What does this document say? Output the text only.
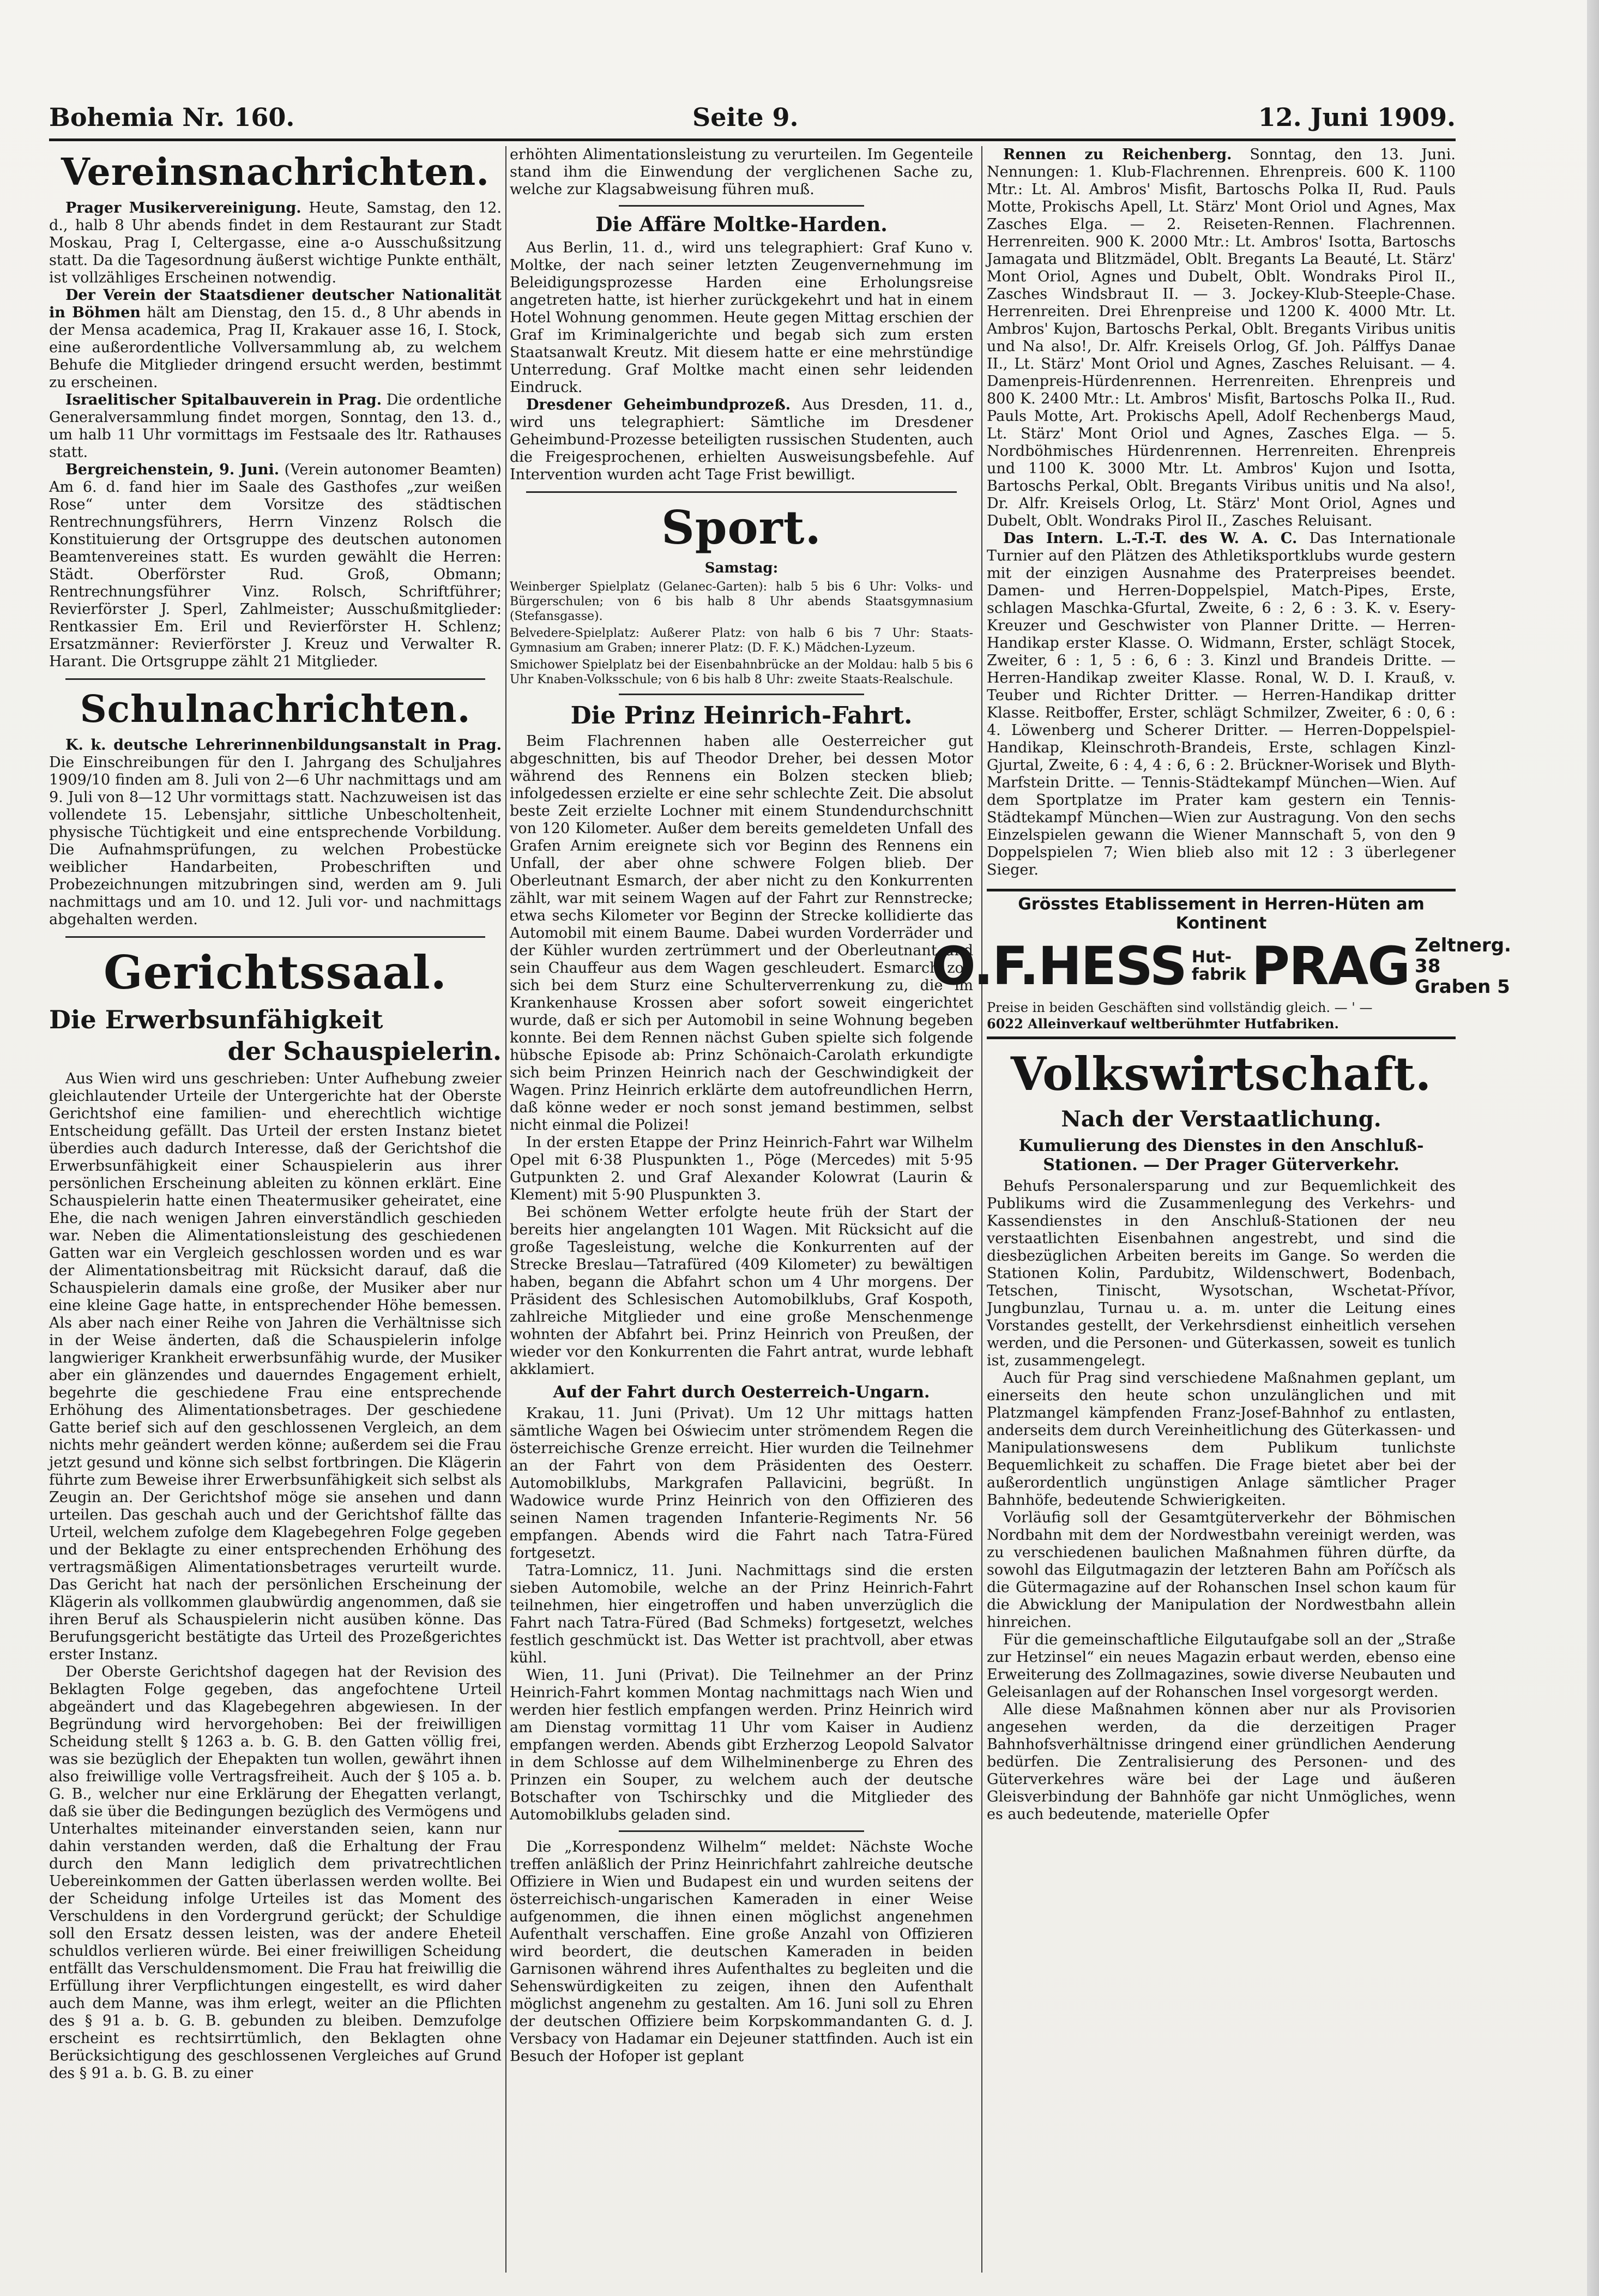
Bohemia Nr. 160.	Seite 9.	12. Juni 1909.
Vereinsnachrichten.

Prager Musikervereinigung. Heute, Samstag, den 12. d., halb 8 Uhr abends findet in dem Restaurant zur Stadt Moskau, Prag I, Celtergasse, eine a-o Ausschußsitzung statt. Da die Tagesordnung äußerst wichtige Punkte enthält, ist vollzähliges Erscheinen notwendig.

Der Verein der Staatsdiener deutscher Nationalität in Böhmen hält am Dienstag, den 15. d., 8 Uhr abends in der Mensa academica, Prag II, Krakauer asse 16, I. Stock, eine außerordentliche Vollversammlung ab, zu welchem Behufe die Mitglieder dringend ersucht werden, bestimmt zu erscheinen.

Israelitischer Spitalbauverein in Prag. Die ordentliche Generalversammlung findet morgen, Sonntag, den 13. d., um halb 11 Uhr vormittags im Festsaale des ltr. Rathauses statt.

Bergreichenstein, 9. Juni. (Verein autonomer Beamten) Am 6. d. fand hier im Saale des Gasthofes „zur weißen Rose“ unter dem Vorsitze des städtischen Rentrechnungsführers, Herrn Vinzenz Rolsch die Konstituierung der Ortsgruppe des deutschen autonomen Beamtenvereines statt. Es wurden gewählt die Herren: Städt. Oberförster Rud. Groß, Obmann; Rentrechnungsführer Vinz. Rolsch, Schriftführer; Revierförster J. Sperl, Zahlmeister; Ausschußmitglieder: Rentkassier Em. Eril und Revierförster H. Schlenz; Ersatzmänner: Revierförster J. Kreuz und Verwalter R. Harant. Die Ortsgruppe zählt 21 Mitglieder.

Schulnachrichten.

K. k. deutsche Lehrerinnenbildungsanstalt in Prag. Die Einschreibungen für den I. Jahrgang des Schuljahres 1909/10 finden am 8. Juli von 2—6 Uhr nachmittags und am 9. Juli von 8—12 Uhr vormittags statt. Nachzuweisen ist das vollendete 15. Lebensjahr, sittliche Unbescholtenheit, physische Tüchtigkeit und eine entsprechende Vorbildung. Die Aufnahmsprüfungen, zu welchen Probestücke weiblicher Handarbeiten, Probeschriften und Probezeichnungen mitzubringen sind, werden am 9. Juli nachmittags und am 10. und 12. Juli vor- und nachmittags abgehalten werden.

Gerichtssaal.
Die Erwerbsunfähigkeit
der Schauspielerin.

Aus Wien wird uns geschrieben: Unter Aufhebung zweier gleichlautender Urteile der Untergerichte hat der Oberste Gerichtshof eine familien- und eherechtlich wichtige Entscheidung gefällt. Das Urteil der ersten Instanz bietet überdies auch dadurch Interesse, daß der Gerichtshof die Erwerbsunfähigkeit einer Schauspielerin aus ihrer persönlichen Erscheinung ableiten zu können erklärt. Eine Schauspielerin hatte einen Theatermusiker geheiratet, eine Ehe, die nach wenigen Jahren einverständlich geschieden war. Neben die Alimentationsleistung des geschiedenen Gatten war ein Vergleich geschlossen worden und es war der Alimentationsbeitrag mit Rücksicht darauf, daß die Schauspielerin damals eine große, der Musiker aber nur eine kleine Gage hatte, in entsprechender Höhe bemessen. Als aber nach einer Reihe von Jahren die Verhältnisse sich in der Weise änderten, daß die Schauspielerin infolge langwieriger Krankheit erwerbsunfähig wurde, der Musiker aber ein glänzendes und dauerndes Engagement erhielt, begehrte die geschiedene Frau eine entsprechende Erhöhung des Alimentationsbetrages. Der geschiedene Gatte berief sich auf den geschlossenen Vergleich, an dem nichts mehr geändert werden könne; außerdem sei die Frau jetzt gesund und könne sich selbst fortbringen. Die Klägerin führte zum Beweise ihrer Erwerbsunfähigkeit sich selbst als Zeugin an. Der Gerichtshof möge sie ansehen und dann urteilen. Das geschah auch und der Gerichtshof fällte das Urteil, welchem zufolge dem Klagebegehren Folge gegeben und der Beklagte zu einer entsprechenden Erhöhung des vertragsmäßigen Alimentationsbetrages verurteilt wurde. Das Gericht hat nach der persönlichen Erscheinung der Klägerin als vollkommen glaubwürdig angenommen, daß sie ihren Beruf als Schauspielerin nicht ausüben könne. Das Berufungsgericht bestätigte das Urteil des Prozeßgerichtes erster Instanz.

Der Oberste Gerichtshof dagegen hat der Revision des Beklagten Folge gegeben, das angefochtene Urteil abgeändert und das Klagebegehren abgewiesen. In der Begründung wird hervorgehoben: Bei der freiwilligen Scheidung stellt § 1263 a. b. G. B. den Gatten völlig frei, was sie bezüglich der Ehepakten tun wollen, gewährt ihnen also freiwillige volle Vertragsfreiheit. Auch der § 105 a. b. G. B., welcher nur eine Erklärung der Ehegatten verlangt, daß sie über die Bedingungen bezüglich des Vermögens und Unterhaltes miteinander einverstanden seien, kann nur dahin verstanden werden, daß die Erhaltung der Frau durch den Mann lediglich dem privatrechtlichen Uebereinkommen der Gatten überlassen werden wollte. Bei der Scheidung infolge Urteiles ist das Moment des Verschuldens in den Vordergrund gerückt; der Schuldige soll den Ersatz dessen leisten, was der andere Eheteil schuldlos verlieren würde. Bei einer freiwilligen Scheidung entfällt das Verschuldensmoment. Die Frau hat freiwillig die Erfüllung ihrer Verpflichtungen eingestellt, es wird daher auch dem Manne, was ihm erlegt, weiter an die Pflichten des § 91 a. b. G. B. gebunden zu bleiben. Demzufolge erscheint es rechtsirrtümlich, den Beklagten ohne Berücksichtigung des geschlossenen Vergleiches auf Grund des § 91 a. b. G. B. zu einer

erhöhten Alimentationsleistung zu verurteilen. Im Gegenteile stand ihm die Einwendung der verglichenen Sache zu, welche zur Klagsabweisung führen muß.

Die Affäre Moltke-Harden.

Aus Berlin, 11. d., wird uns telegraphiert: Graf Kuno v. Moltke, der nach seiner letzten Zeugenvernehmung im Beleidigungsprozesse Harden eine Erholungsreise angetreten hatte, ist hierher zurückgekehrt und hat in einem Hotel Wohnung genommen. Heute gegen Mittag erschien der Graf im Kriminalgerichte und begab sich zum ersten Staatsanwalt Kreutz. Mit diesem hatte er eine mehrstündige Unterredung. Graf Moltke macht einen sehr leidenden Eindruck.

Dresdener Geheimbundprozeß. Aus Dresden, 11. d., wird uns telegraphiert: Sämtliche im Dresdener Geheimbund-Prozesse beteiligten russischen Studenten, auch die Freigesprochenen, erhielten Ausweisungsbefehle. Auf Intervention wurden acht Tage Frist bewilligt.

Sport.
Samstag:

Weinberger Spielplatz (Gelanec-Garten): halb 5 bis 6 Uhr: Volks- und Bürgerschulen; von 6 bis halb 8 Uhr abends Staatsgymnasium (Stefansgasse).

Belvedere-Spielplatz: Außerer Platz: von halb 6 bis 7 Uhr: Staats-Gymnasium am Graben; innerer Platz: (D. F. K.) Mädchen-Lyzeum.

Smichower Spielplatz bei der Eisenbahnbrücke an der Moldau: halb 5 bis 6 Uhr Knaben-Volksschule; von 6 bis halb 8 Uhr: zweite Staats-Realschule.

Die Prinz Heinrich-Fahrt.

Beim Flachrennen haben alle Oesterreicher gut abgeschnitten, bis auf Theodor Dreher, bei dessen Motor während des Rennens ein Bolzen stecken blieb; infolgedessen erzielte er eine sehr schlechte Zeit. Die absolut beste Zeit erzielte Lochner mit einem Stundendurchschnitt von 120 Kilometer. Außer dem bereits gemeldeten Unfall des Grafen Arnim ereignete sich vor Beginn des Rennens ein Unfall, der aber ohne schwere Folgen blieb. Der Oberleutnant Esmarch, der aber nicht zu den Konkurrenten zählt, war mit seinem Wagen auf der Fahrt zur Rennstrecke; etwa sechs Kilometer vor Beginn der Strecke kollidierte das Automobil mit einem Baume. Dabei wurden Vorderräder und der Kühler wurden zertrümmert und der Oberleutnant und sein Chauffeur aus dem Wagen geschleudert. Esmarch zog sich bei dem Sturz eine Schulterverrenkung zu, die im Krankenhause Krossen aber sofort soweit eingerichtet wurde, daß er sich per Automobil in seine Wohnung begeben konnte. Bei dem Rennen nächst Guben spielte sich folgende hübsche Episode ab: Prinz Schönaich-Carolath erkundigte sich beim Prinzen Heinrich nach der Geschwindigkeit der Wagen. Prinz Heinrich erklärte dem autofreundlichen Herrn, daß könne weder er noch sonst jemand bestimmen, selbst nicht einmal die Polizei!

In der ersten Etappe der Prinz Heinrich-Fahrt war Wilhelm Opel mit 6·38 Pluspunkten 1., Pöge (Mercedes) mit 5·95 Gutpunkten 2. und Graf Alexander Kolowrat (Laurin & Klement) mit 5·90 Pluspunkten 3.

Bei schönem Wetter erfolgte heute früh der Start der bereits hier angelangten 101 Wagen. Mit Rücksicht auf die große Tagesleistung, welche die Konkurrenten auf der Strecke Breslau—Tatrafüred (409 Kilometer) zu bewältigen haben, begann die Abfahrt schon um 4 Uhr morgens. Der Präsident des Schlesischen Automobilklubs, Graf Kospoth, zahlreiche Mitglieder und eine große Menschenmenge wohnten der Abfahrt bei. Prinz Heinrich von Preußen, der wieder vor den Konkurrenten die Fahrt antrat, wurde lebhaft akklamiert.

Auf der Fahrt durch Oesterreich-Ungarn.

Krakau, 11. Juni (Privat). Um 12 Uhr mittags hatten sämtliche Wagen bei Oświecim unter strömendem Regen die österreichische Grenze erreicht. Hier wurden die Teilnehmer an der Fahrt von dem Präsidenten des Oesterr. Automobilklubs, Markgrafen Pallavicini, begrüßt. In Wadowice wurde Prinz Heinrich von den Offizieren des seinen Namen tragenden Infanterie-Regiments Nr. 56 empfangen. Abends wird die Fahrt nach Tatra-Füred fortgesetzt.

Tatra-Lomnicz, 11. Juni. Nachmittags sind die ersten sieben Automobile, welche an der Prinz Heinrich-Fahrt teilnehmen, hier eingetroffen und haben unverzüglich die Fahrt nach Tatra-Füred (Bad Schmeks) fortgesetzt, welches festlich geschmückt ist. Das Wetter ist prachtvoll, aber etwas kühl.

Wien, 11. Juni (Privat). Die Teilnehmer an der Prinz Heinrich-Fahrt kommen Montag nachmittags nach Wien und werden hier festlich empfangen werden. Prinz Heinrich wird am Dienstag vormittag 11 Uhr vom Kaiser in Audienz empfangen werden. Abends gibt Erzherzog Leopold Salvator in dem Schlosse auf dem Wilhelminenberge zu Ehren des Prinzen ein Souper, zu welchem auch der deutsche Botschafter von Tschirschky und die Mitglieder des Automobilklubs geladen sind.

Die „Korrespondenz Wilhelm“ meldet: Nächste Woche treffen anläßlich der Prinz Heinrichfahrt zahlreiche deutsche Offiziere in Wien und Budapest ein und wurden seitens der österreichisch-ungarischen Kameraden in einer Weise aufgenommen, die ihnen einen möglichst angenehmen Aufenthalt verschaffen. Eine große Anzahl von Offizieren wird beordert, die deutschen Kameraden in beiden Garnisonen während ihres Aufenthaltes zu begleiten und die Sehenswürdigkeiten zu zeigen, ihnen den Aufenthalt möglichst angenehm zu gestalten. Am 16. Juni soll zu Ehren der deutschen Offiziere beim Korpskommandanten G. d. J. Versbacy von Hadamar ein Dejeuner stattfinden. Auch ist ein Besuch der Hofoper ist geplant

Rennen zu Reichenberg. Sonntag, den 13. Juni. Nennungen: 1. Klub-Flachrennen. Ehrenpreis. 600 K. 1100 Mtr.: Lt. Al. Ambros' Misfit, Bartoschs Polka II, Rud. Pauls Motte, Prokischs Apell, Lt. Stärz' Mont Oriol und Agnes, Max Zasches Elga. — 2. Reiseten-Rennen. Flachrennen. Herrenreiten. 900 K. 2000 Mtr.: Lt. Ambros' Isotta, Bartoschs Jamagata und Blitzmädel, Oblt. Bregants La Beauté, Lt. Stärz' Mont Oriol, Agnes und Dubelt, Oblt. Wondraks Pirol II., Zasches Windsbraut II. — 3. Jockey-Klub-Steeple-Chase. Herrenreiten. Drei Ehrenpreise und 1200 K. 4000 Mtr. Lt. Ambros' Kujon, Bartoschs Perkal, Oblt. Bregants Viribus unitis und Na also!, Dr. Alfr. Kreisels Orlog, Gf. Joh. Pálffys Danae II., Lt. Stärz' Mont Oriol und Agnes, Zasches Reluisant. — 4. Damenpreis-Hürdenrennen. Herrenreiten. Ehrenpreis und 800 K. 2400 Mtr.: Lt. Ambros' Misfit, Bartoschs Polka II., Rud. Pauls Motte, Art. Prokischs Apell, Adolf Rechenbergs Maud, Lt. Stärz' Mont Oriol und Agnes, Zasches Elga. — 5. Nordböhmisches Hürdenrennen. Herrenreiten. Ehrenpreis und 1100 K. 3000 Mtr. Lt. Ambros' Kujon und Isotta, Bartoschs Perkal, Oblt. Bregants Viribus unitis und Na also!, Dr. Alfr. Kreisels Orlog, Lt. Stärz' Mont Oriol, Agnes und Dubelt, Oblt. Wondraks Pirol II., Zasches Reluisant.

Das Intern. L.-T.-T. des W. A. C. Das Internationale Turnier auf den Plätzen des Athletiksportklubs wurde gestern mit der einzigen Ausnahme des Praterpreises beendet. Damen- und Herren-Doppelspiel, Match-Pipes, Erste, schlagen Maschka-Gfurtal, Zweite, 6 : 2, 6 : 3. K. v. Esery-Kreuzer und Geschwister von Planner Dritte. — Herren-Handikap erster Klasse. O. Widmann, Erster, schlägt Stocek, Zweiter, 6 : 1, 5 : 6, 6 : 3. Kinzl und Brandeis Dritte. — Herren-Handikap zweiter Klasse. Ronal, W. D. I. Krauß, v. Teuber und Richter Dritter. — Herren-Handikap dritter Klasse. Reitboffer, Erster, schlägt Schmilzer, Zweiter, 6 : 0, 6 : 4. Löwenberg und Scherer Dritter. — Herren-Doppelspiel-Handikap, Kleinschroth-Brandeis, Erste, schlagen Kinzl-Gjurtal, Zweite, 6 : 4, 4 : 6, 6 : 2. Brückner-Worisek und Blyth-Marfstein Dritte. — Tennis-Städtekampf München—Wien. Auf dem Sportplatze im Prater kam gestern ein Tennis-Städtekampf München—Wien zur Austragung. Von den sechs Einzelspielen gewann die Wiener Mannschaft 5, von den 9 Doppelspielen 7; Wien blieb also mit 12 : 3 überlegener Sieger.

Grösstes Etablissement in Herren-Hüten am Kontinent
O.F.HESS Hut-
fabrik PRAG Zeltnerg. 38
Graben 5
Preise in beiden Geschäften sind vollständig gleich. — ' —
6022 Alleinverkauf weltberühmter Hutfabriken.
Volkswirtschaft.
Nach der Verstaatlichung.
Kumulierung des Dienstes in den Anschluß-Stationen. — Der Prager Güterverkehr.

Behufs Personalersparung und zur Bequemlichkeit des Publikums wird die Zusammenlegung des Verkehrs- und Kassendienstes in den Anschluß-Stationen der neu verstaatlichten Eisenbahnen angestrebt, und sind die diesbezüglichen Arbeiten bereits im Gange. So werden die Stationen Kolin, Pardubitz, Wildenschwert, Bodenbach, Tetschen, Tinischt, Wysotschan, Wschetat-Přívor, Jungbunzlau, Turnau u. a. m. unter die Leitung eines Vorstandes gestellt, der Verkehrsdienst einheitlich versehen werden, und die Personen- und Güterkassen, soweit es tunlich ist, zusammengelegt.

Auch für Prag sind verschiedene Maßnahmen geplant, um einerseits den heute schon unzulänglichen und mit Platzmangel kämpfenden Franz-Josef-Bahnhof zu entlasten, anderseits dem durch Vereinheitlichung des Güterkassen- und Manipulationswesens dem Publikum tunlichste Bequemlichkeit zu schaffen. Die Frage bietet aber bei der außerordentlich ungünstigen Anlage sämtlicher Prager Bahnhöfe, bedeutende Schwierigkeiten.

Vorläufig soll der Gesamtgüterverkehr der Böhmischen Nordbahn mit dem der Nordwestbahn vereinigt werden, was zu verschiedenen baulichen Maßnahmen führen dürfte, da sowohl das Eilgutmagazin der letzteren Bahn am Poříčsch als die Gütermagazine auf der Rohanschen Insel schon kaum für die Abwicklung der Manipulation der Nordwestbahn allein hinreichen.

Für die gemeinschaftliche Eilgutaufgabe soll an der „Straße zur Hetzinsel“ ein neues Magazin erbaut werden, ebenso eine Erweiterung des Zollmagazines, sowie diverse Neubauten und Geleisanlagen auf der Rohanschen Insel vorgesorgt werden.

Alle diese Maßnahmen können aber nur als Provisorien angesehen werden, da die derzeitigen Prager Bahnhofsverhältnisse dringend einer gründlichen Aenderung bedürfen. Die Zentralisierung des Personen- und des Güterverkehres wäre bei der Lage und äußeren Gleisverbindung der Bahnhöfe gar nicht Unmögliches, wenn es auch bedeutende, materielle Opfer
